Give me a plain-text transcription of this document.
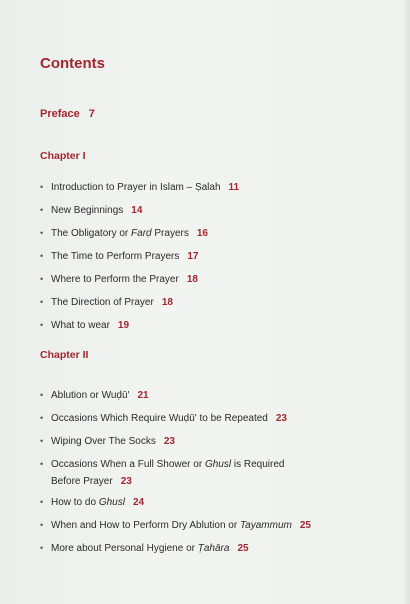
Contents
Preface 7
Chapter I
• Introduction to Prayer in Islam – Ṣalah 11
• New Beginnings 14
• The Obligatory or Farḍ Prayers 16
• The Time to Perform Prayers 17
• Where to Perform the Prayer 18
• The Direction of Prayer 18
• What to wear 19
Chapter II
• Ablution or Wuḍū' 21
• Occasions Which Require Wuḍū' to be Repeated 23
• Wiping Over The Socks 23
• Occasions When a Full Shower or Ghusl is Required
Before Prayer 23
• How to do Ghusl 24
• When and How to Perform Dry Ablution or Tayammum 25
• More about Personal Hygiene or Ṭahāra 25
